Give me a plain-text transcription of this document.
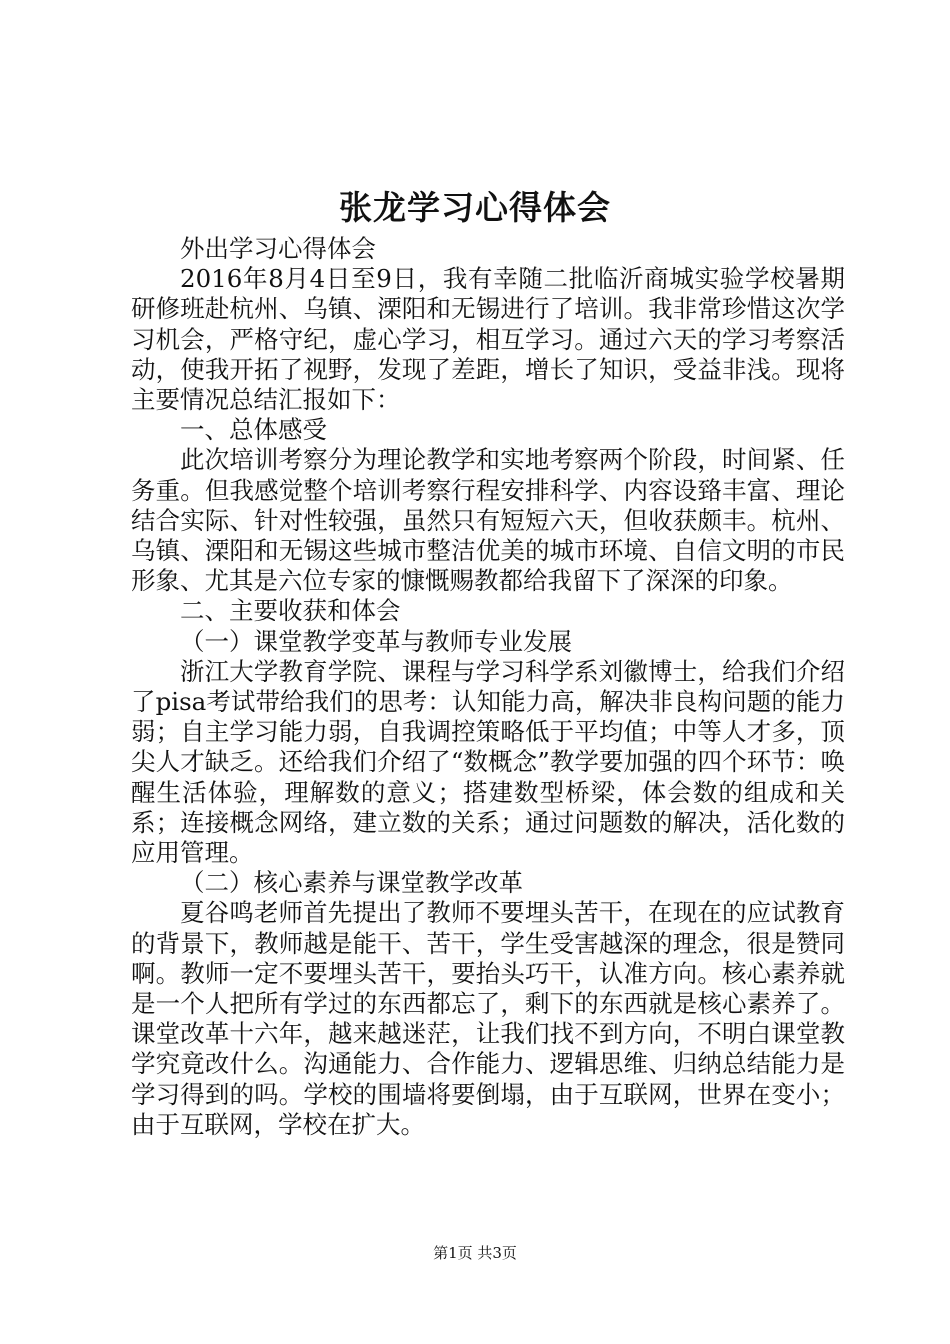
张龙学习心得体会

外出学习心得体会

2016年8月4日至9日，我有幸随二批临沂商城实验学校暑期研修班赴杭州、乌镇、溧阳和无锡进行了培训。我非常珍惜这次学习机会，严格守纪，虚心学习，相互学习。通过六天的学习考察活动，使我开拓了视野，发现了差距，增长了知识，受益非浅。现将主要情况总结汇报如下：

一、总体感受

此次培训考察分为理论教学和实地考察两个阶段，时间紧、任务重。但我感觉整个培训考察行程安排科学、内容设臵丰富、理论结合实际、针对性较强，虽然只有短短六天，但收获颇丰。杭州、乌镇、溧阳和无锡这些城市整洁优美的城市环境、自信文明的市民形象、尤其是六位专家的慷慨赐教都给我留下了深深的印象。

二、主要收获和体会

（一）课堂教学变革与教师专业发展

浙江大学教育学院、课程与学习科学系刘徽博士，给我们介绍了pisa考试带给我们的思考：认知能力高，解决非良构问题的能力弱；自主学习能力弱，自我调控策略低于平均值；中等人才多，顶尖人才缺乏。还给我们介绍了“数概念”教学要加强的四个环节：唤醒生活体验，理解数的意义；搭建数型桥梁，体会数的组成和关系；连接概念网络，建立数的关系；通过问题数的解决，活化数的应用管理。

（二）核心素养与课堂教学改革

夏谷鸣老师首先提出了教师不要埋头苦干，在现在的应试教育的背景下，教师越是能干、苦干，学生受害越深的理念，很是赞同啊。教师一定不要埋头苦干，要抬头巧干，认准方向。核心素养就是一个人把所有学过的东西都忘了，剩下的东西就是核心素养了。课堂改革十六年，越来越迷茫，让我们找不到方向，不明白课堂教学究竟改什么。沟通能力、合作能力、逻辑思维、归纳总结能力是学习得到的吗。学校的围墙将要倒塌，由于互联网，世界在变小；由于互联网，学校在扩大。

第1页 共3页
